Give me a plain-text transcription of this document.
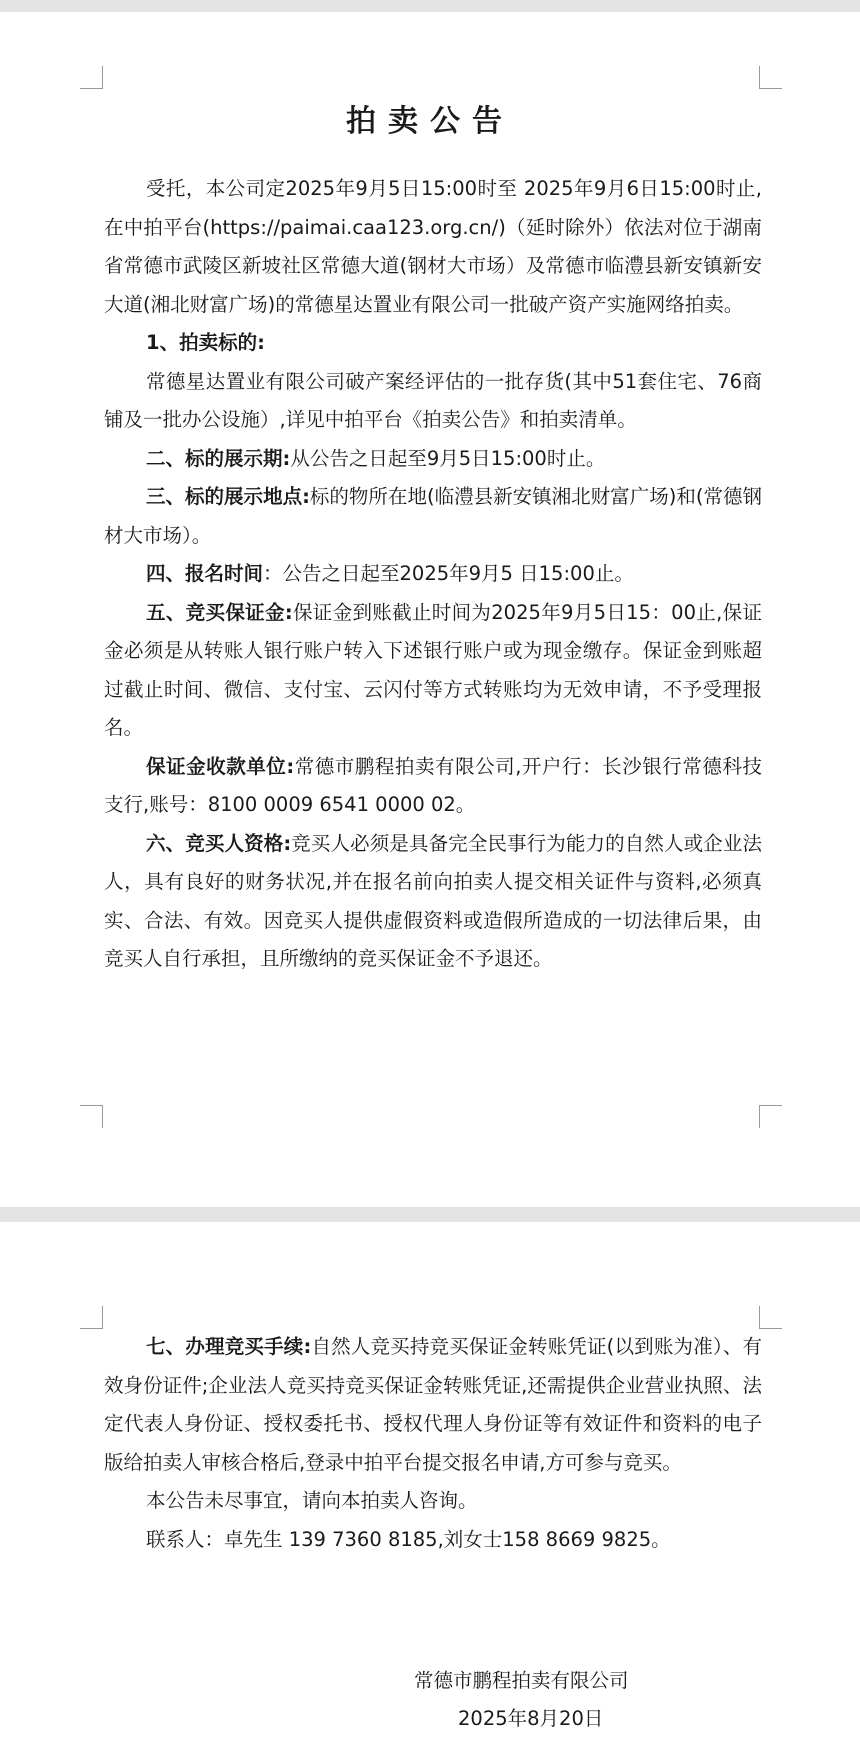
拍卖公告

受托，本公司定2025年9月5日15:00时至 2025年9月6日15:00时止,在中拍平台(https://paimai.caa123.org.cn/)（延时除外）依法对位于湖南省常德市武陵区新坡社区常德大道(钢材大市场）及常德市临澧县新安镇新安大道(湘北财富广场)的常德星达置业有限公司一批破产资产实施网络拍卖。

1、拍卖标的:

常德星达置业有限公司破产案经评估的一批存货(其中51套住宅、76商铺及一批办公设施）,详见中拍平台《拍卖公告》和拍卖清单。

二、标的展示期:从公告之日起至9月5日15:00时止。

三、标的展示地点:标的物所在地(临澧县新安镇湘北财富广场)和(常德钢材大市场）。

四、报名时间：公告之日起至2025年9月5 日15:00止。

五、竞买保证金:保证金到账截止时间为2025年9月5日15：00止,保证金必须是从转账人银行账户转入下述银行账户或为现金缴存。保证金到账超过截止时间、微信、支付宝、云闪付等方式转账均为无效申请，不予受理报名。

保证金收款单位:常德市鹏程拍卖有限公司,开户行：长沙银行常德科技支行,账号：8100 0009 6541 0000 02。

六、竞买人资格:竞买人必须是具备完全民事行为能力的自然人或企业法人，具有良好的财务状况,并在报名前向拍卖人提交相关证件与资料,必须真实、合法、有效。因竞买人提供虚假资料或造假所造成的一切法律后果，由竞买人自行承担，且所缴纳的竞买保证金不予退还。

七、办理竞买手续:自然人竞买持竞买保证金转账凭证(以到账为准）、有效身份证件;企业法人竞买持竞买保证金转账凭证,还需提供企业营业执照、法定代表人身份证、授权委托书、授权代理人身份证等有效证件和资料的电子版给拍卖人审核合格后,登录中拍平台提交报名申请,方可参与竞买。

本公告未尽事宜，请向本拍卖人咨询。

联系人：卓先生 139 7360 8185,刘女士158 8669 9825。

常德市鹏程拍卖有限公司
2025年8月20日
